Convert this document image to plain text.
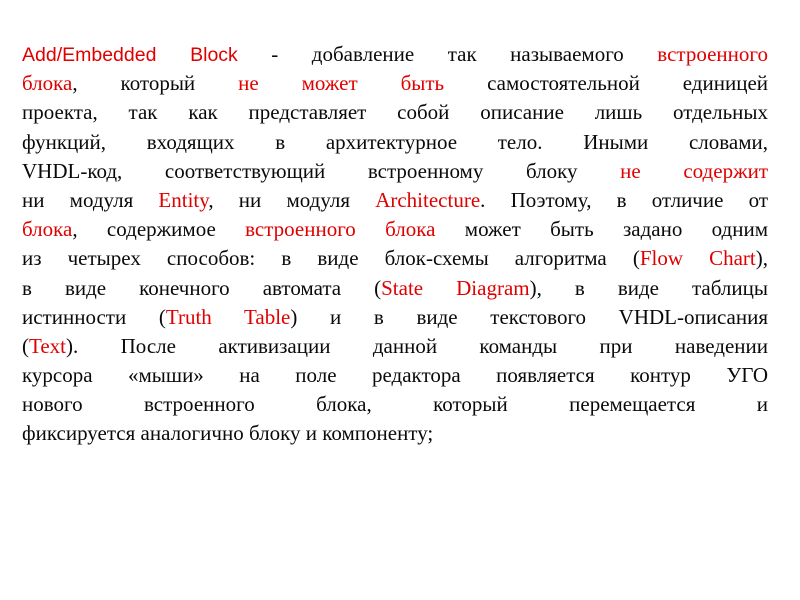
Add/Embedded Block - добавление так называемого встроенного
блока, который не может быть самостоятельной единицей
проекта, так как представляет собой описание лишь отдельных
функций, входящих в архитектурное тело. Иными словами,
VHDL-код, соответствующий встроенному блоку не содержит
ни модуля Entity, ни модуля Architecture. Поэтому, в отличие от
блока, содержимое встроенного блока может быть задано одним
из четырех способов: в виде блок-схемы алгоритма (Flow Chart),
в виде конечного автомата (State Diagram), в виде таблицы
истинности (Truth Table) и в виде текстового VHDL-описания
(Text). После активизации данной команды при наведении
курсора «мыши» на поле редактора появляется контур УГО
нового встроенного блока, который перемещается и
фиксируется аналогично блоку и компоненту;
